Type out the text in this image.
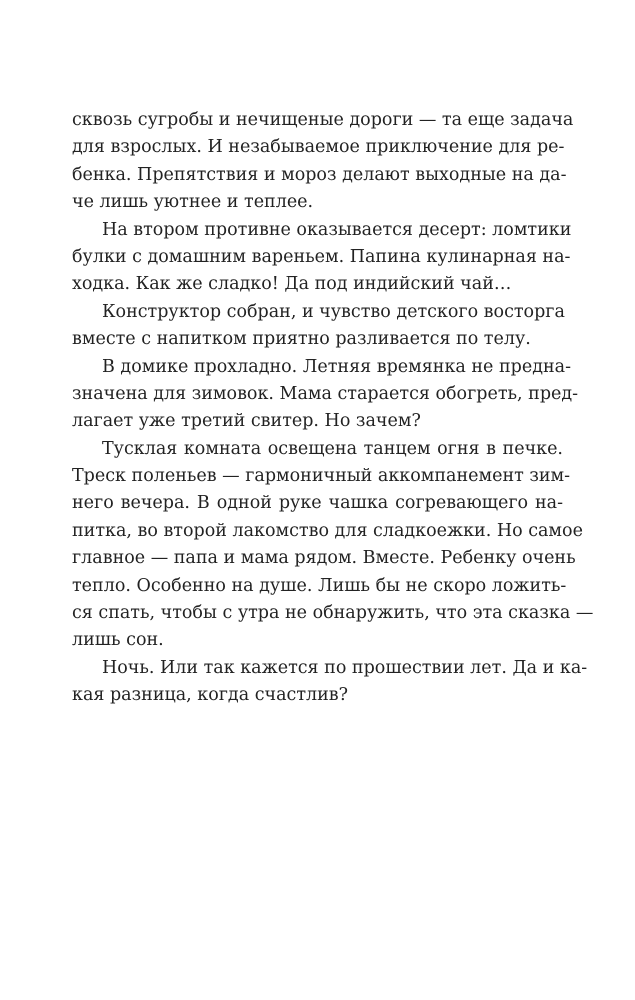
сквозь сугробы и нечищеные дороги — та еще задача
для взрослых. И незабываемое приключение для ре-
бенка. Препятствия и мороз делают выходные на да-
че лишь уютнее и теплее.
На втором противне оказывается десерт: ломтики
булки с домашним вареньем. Папина кулинарная на-
ходка. Как же сладко! Да под индийский чай…
Конструктор собран, и чувство детского восторга
вместе с напитком приятно разливается по телу.
В домике прохладно. Летняя времянка не предна-
значена для зимовок. Мама старается обогреть, пред-
лагает уже третий свитер. Но зачем?
Тусклая комната освещена танцем огня в печке.
Треск поленьев — гармоничный аккомпанемент зим-
него вечера. В одной руке чашка согревающего на-
питка, во второй лакомство для сладкоежки. Но самое
главное — папа и мама рядом. Вместе. Ребенку очень
тепло. Особенно на душе. Лишь бы не скоро ложить-
ся спать, чтобы с утра не обнаружить, что эта сказка —
лишь сон.
Ночь. Или так кажется по прошествии лет. Да и ка-
кая разница, когда счастлив?
